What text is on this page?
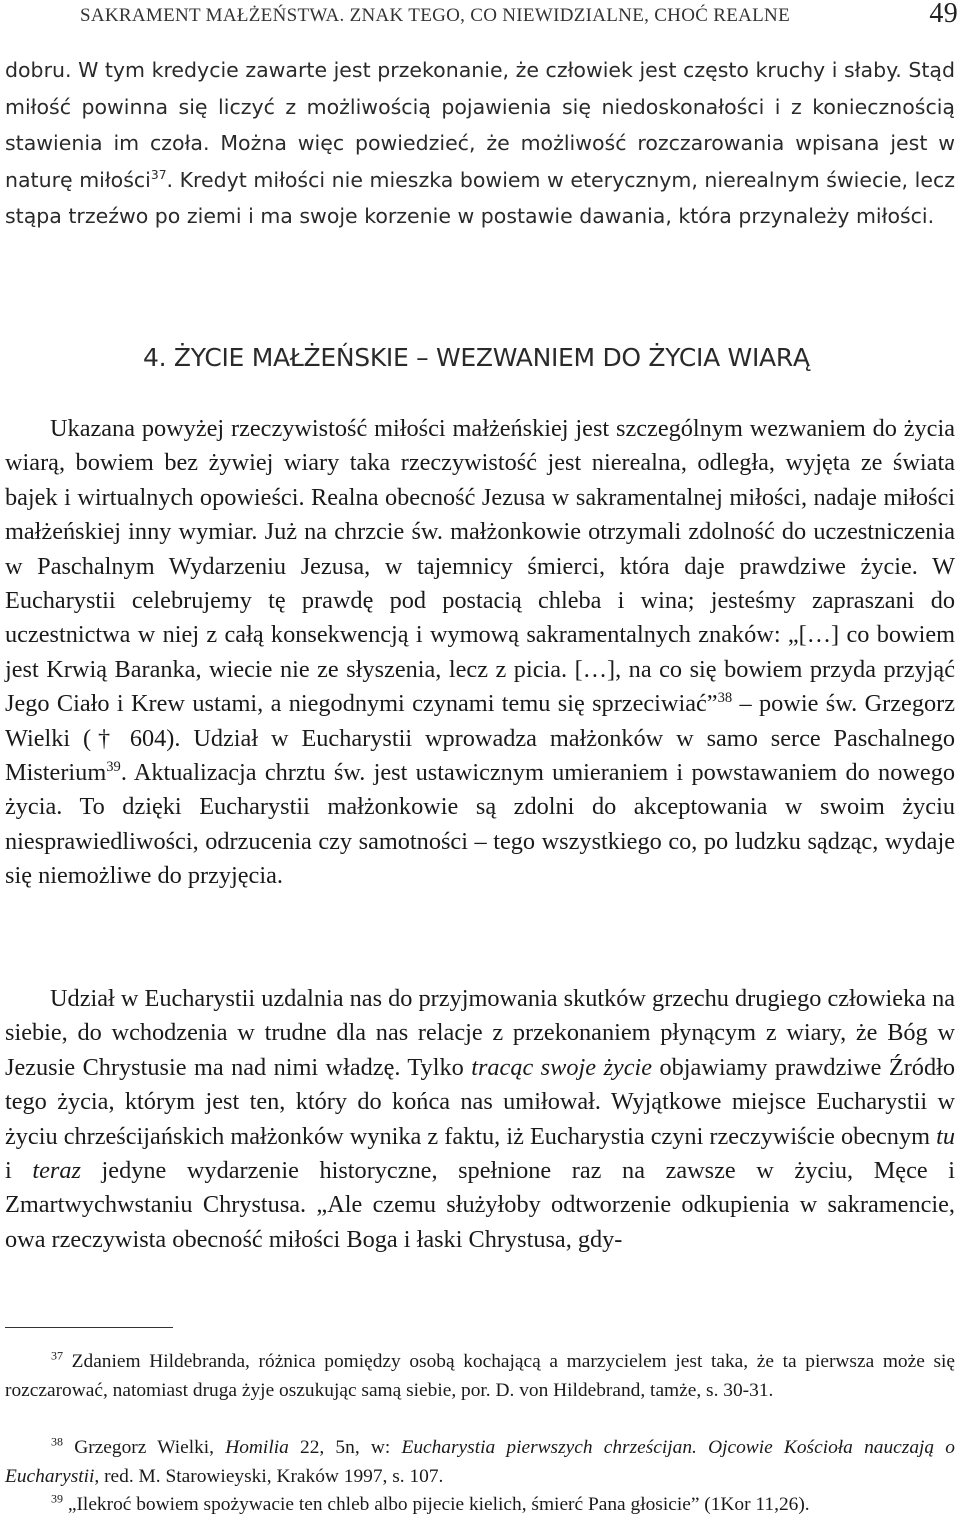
SAKRAMENT MAŁŻEŃSTWA. ZNAK TEGO, CO NIEWIDZIALNE, CHOĆ REALNE	49

dobru. W tym kredycie zawarte jest przekonanie, że człowiek jest często kruchy i słaby. Stąd miłość powinna się liczyć z możliwością pojawienia się niedoskonałości i z koniecznością stawienia im czoła. Można więc powiedzieć, że możliwość rozczarowania wpisana jest w naturę miłości$^{37}$. Kredyt miłości nie mieszka bowiem w eterycznym, nierealnym świecie, lecz stąpa trzeźwo po ziemi i ma swoje korzenie w postawie dawania, która przynależy miłości.

4. ŻYCIE MAŁŻEŃSKIE – WEZWANIEM DO ŻYCIA WIARĄ

Ukazana powyżej rzeczywistość miłości małżeńskiej jest szczególnym wezwaniem do życia wiarą, bowiem bez żywiej wiary taka rzeczywistość jest nierealna, odległa, wyjęta ze świata bajek i wirtualnych opowieści. Realna obecność Jezusa w sakramentalnej miłości, nadaje miłości małżeńskiej inny wymiar. Już na chrzcie św. małżonkowie otrzymali zdolność do uczestniczenia w Paschalnym Wydarzeniu Jezusa, w tajemnicy śmierci, która daje prawdziwe życie. W Eucharystii celebrujemy tę prawdę pod postacią chleba i wina; jesteśmy zapraszani do uczestnictwa w niej z całą konsekwencją i wymową sakramentalnych znaków: „[…] co bowiem jest Krwią Baranka, wiecie nie ze słyszenia, lecz z picia. […], na co się bowiem przyda przyjąć Jego Ciało i Krew ustami, a niegodnymi czynami temu się sprzeciwiać”$^{38}$ – powie św. Grzegorz Wielki († 604). Udział w Eucharystii wprowadza małżonków w samo serce Paschalnego Misterium$^{39}$. Aktualizacja chrztu św. jest ustawicznym umieraniem i powstawaniem do nowego życia. To dzięki Eucharystii małżonkowie są zdolni do akceptowania w swoim życiu niesprawiedliwości, odrzucenia czy samotności – tego wszystkiego co, po ludzku sądząc, wydaje się niemożliwe do przyjęcia.

Udział w Eucharystii uzdalnia nas do przyjmowania skutków grzechu drugiego człowieka na siebie, do wchodzenia w trudne dla nas relacje z przekonaniem płynącym z wiary, że Bóg w Jezusie Chrystusie ma nad nimi władzę. Tylko tracąc swoje życie objawiamy prawdziwe Źródło tego życia, którym jest ten, który do końca nas umiłował. Wyjątkowe miejsce Eucharystii w życiu chrześcijańskich małżonków wynika z faktu, iż Eucharystia czyni rzeczywiście obecnym tu i teraz jedyne wydarzenie historyczne, spełnione raz na zawsze w życiu, Męce i Zmartwychwstaniu Chrystusa. „Ale czemu służyłoby odtworzenie odkupienia w sakramencie, owa rzeczywista obecność miłości Boga i łaski Chrystusa, gdy-

$^{37}$ Zdaniem Hildebranda, różnica pomiędzy osobą kochającą a marzycielem jest taka, że ta pierwsza może się rozczarować, natomiast druga żyje oszukując samą siebie, por. D. von Hildebrand, tamże, s. 30-31.

$^{38}$ Grzegorz Wielki, Homilia 22, 5n, w: Eucharystia pierwszych chrześcijan. Ojcowie Kościoła nauczają o Eucharystii, red. M. Starowieyski, Kraków 1997, s. 107.

$^{39}$ „Ilekroć bowiem spożywacie ten chleb albo pijecie kielich, śmierć Pana głosicie” (1Kor 11,26).
